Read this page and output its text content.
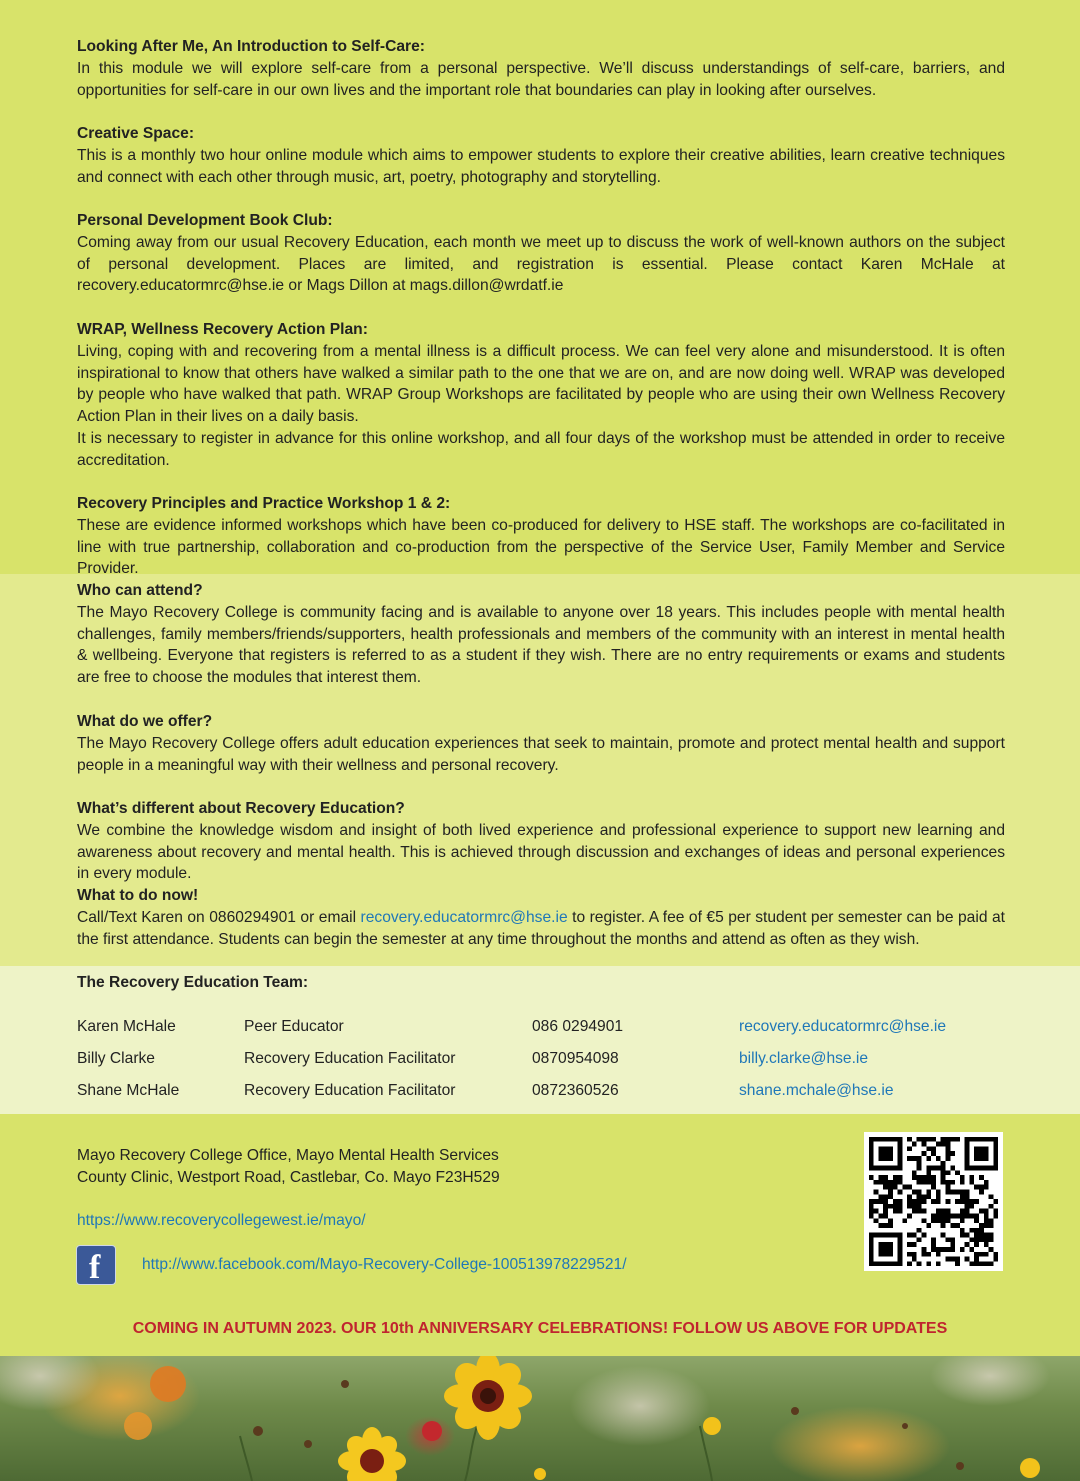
Looking After Me, An Introduction to Self-Care:

In this module we will explore self-care from a personal perspective. We’ll discuss understandings of self-care, barriers, and opportunities for self-care in our own lives and the important role that boundaries can play in looking after ourselves.

Creative Space:

This is a monthly two hour online module which aims to empower students to explore their creative abilities, learn creative techniques and connect with each other through music, art, poetry, photography and storytelling.

Personal Development Book Club:

Coming away from our usual Recovery Education, each month we meet up to discuss the work of well-known authors on the subject of personal development. Places are limited, and registration is essential. Please contact Karen McHale at recovery.educatormrc@hse.ie or Mags Dillon at mags.dillon@wrdatf.ie

WRAP, Wellness Recovery Action Plan:

Living, coping with and recovering from a mental illness is a difficult process. We can feel very alone and misunderstood. It is often inspirational to know that others have walked a similar path to the one that we are on, and are now doing well. WRAP was developed by people who have walked that path. WRAP Group Workshops are facilitated by people who are using their own Wellness Recovery Action Plan in their lives on a daily basis.

It is necessary to register in advance for this online workshop, and all four days of the workshop must be attended in order to receive accreditation.

Recovery Principles and Practice Workshop 1 & 2:

These are evidence informed workshops which have been co-produced for delivery to HSE staff. The workshops are co-facilitated in line with true partnership, collaboration and co-production from the perspective of the Service User, Family Member and Service Provider.

Who can attend?

The Mayo Recovery College is community facing and is available to anyone over 18 years. This includes people with mental health challenges, family members/friends/supporters, health professionals and members of the community with an interest in mental health & wellbeing. Everyone that registers is referred to as a student if they wish. There are no entry requirements or exams and students are free to choose the modules that interest them.

What do we offer?

The Mayo Recovery College offers adult education experiences that seek to maintain, promote and protect mental health and support people in a meaningful way with their wellness and personal recovery.

What’s different about Recovery Education?

We combine the knowledge wisdom and insight of both lived experience and professional experience to support new learning and awareness about recovery and mental health. This is achieved through discussion and exchanges of ideas and personal experiences in every module.

What to do now!

Call/Text Karen on 0860294901 or email recovery.educatormrc@hse.ie to register. A fee of €5 per student per semester can be paid at the first attendance. Students can begin the semester at any time throughout the months and attend as often as they wish.

The Recovery Education Team:
Karen McHale	Peer Educator	086 0294901	recovery.educatormrc@hse.ie
Billy Clarke	Recovery Education Facilitator	0870954098	billy.clarke@hse.ie
Shane McHale	Recovery Education Facilitator	0872360526	shane.mchale@hse.ie
Mayo Recovery College Office, Mayo Mental Health Services
County Clinic, Westport Road, Castlebar, Co. Mayo F23H529
https://www.recoverycollegewest.ie/mayo/
f	http://www.facebook.com/Mayo-Recovery-College-100513978229521/
COMING IN AUTUMN 2023. OUR 10th ANNIVERSARY CELEBRATIONS! FOLLOW US ABOVE FOR UPDATES
